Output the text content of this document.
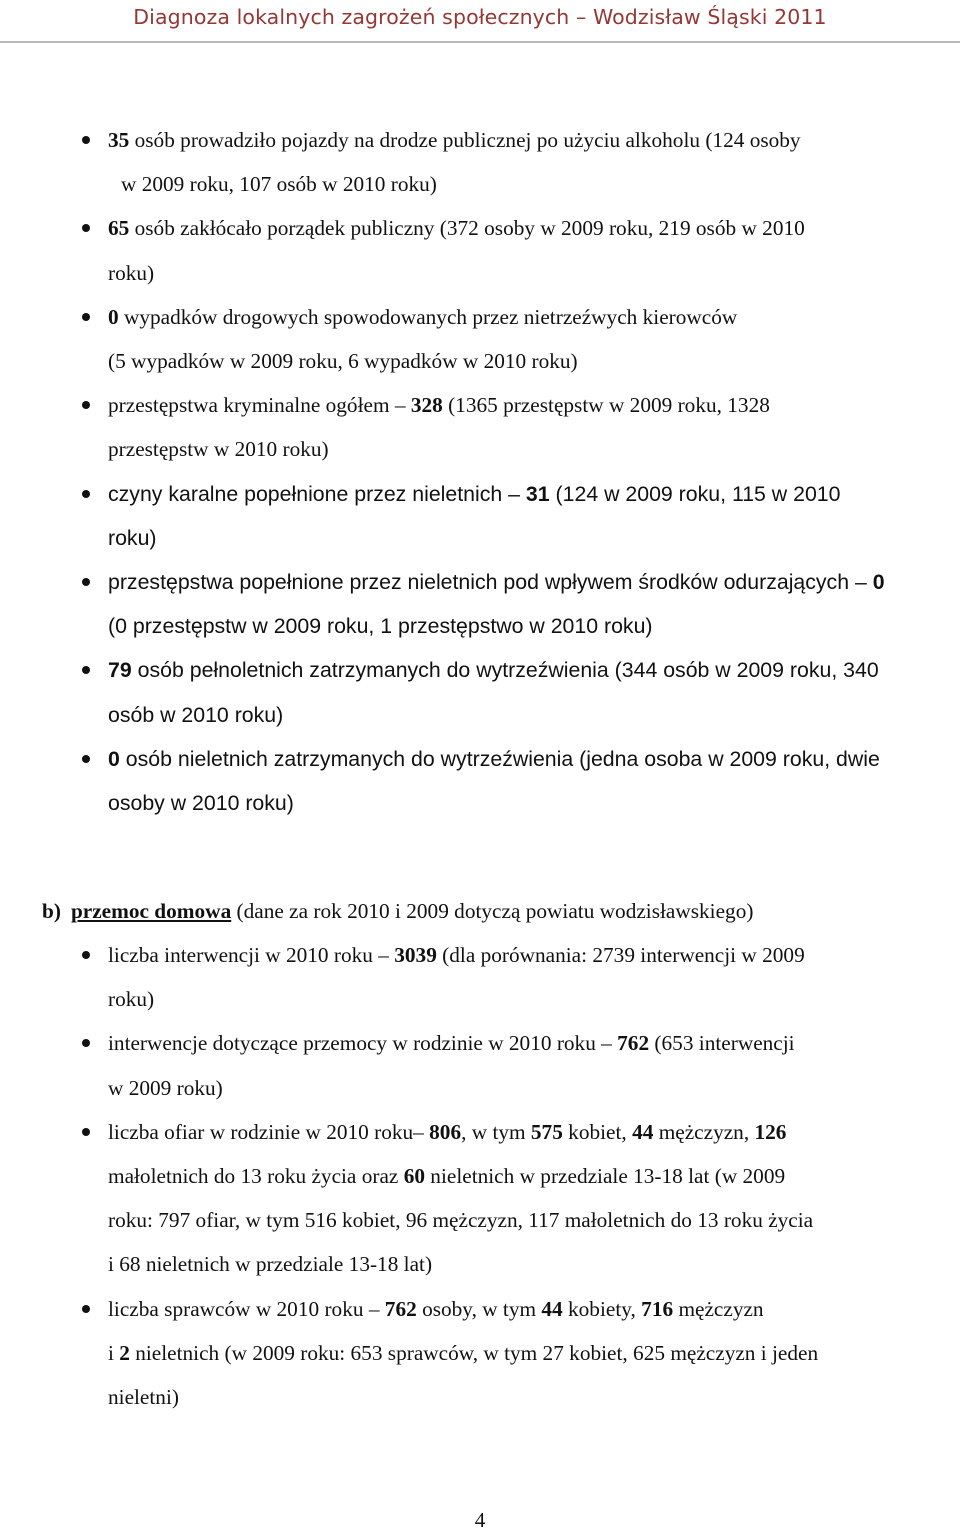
Diagnoza lokalnych zagrożeń społecznych – Wodzisław Śląski 2011
35 osób prowadziło pojazdy na drodze publicznej po użyciu alkoholu (124 osoby
w 2009 roku, 107 osób w 2010 roku)
65 osób zakłócało porządek publiczny (372 osoby w 2009 roku, 219 osób w 2010
roku)
0 wypadków drogowych spowodowanych przez nietrzeźwych kierowców
(5 wypadków w 2009 roku, 6 wypadków w 2010 roku)
przestępstwa kryminalne ogółem – 328 (1365 przestępstw w 2009 roku, 1328
przestępstw w 2010 roku)
czyny karalne popełnione przez nieletnich – 31 (124 w 2009 roku, 115 w 2010
roku)
przestępstwa popełnione przez nieletnich pod wpływem środków odurzających – 0
(0 przestępstw w 2009 roku, 1 przestępstwo w 2010 roku)
79 osób pełnoletnich zatrzymanych do wytrzeźwienia (344 osób w 2009 roku, 340
osób w 2010 roku)
0 osób nieletnich zatrzymanych do wytrzeźwienia (jedna osoba w 2009 roku, dwie
osoby w 2010 roku)
b) przemoc domowa (dane za rok 2010 i 2009 dotyczą powiatu wodzisławskiego)
liczba interwencji w 2010 roku – 3039 (dla porównania: 2739 interwencji w 2009
roku)
interwencje dotyczące przemocy w rodzinie w 2010 roku – 762 (653 interwencji
w 2009 roku)
liczba ofiar w rodzinie w 2010 roku– 806, w tym 575 kobiet, 44 mężczyzn, 126
małoletnich do 13 roku życia oraz 60 nieletnich w przedziale 13-18 lat (w 2009
roku: 797 ofiar, w tym 516 kobiet, 96 mężczyzn, 117 małoletnich do 13 roku życia
i 68 nieletnich w przedziale 13-18 lat)
liczba sprawców w 2010 roku – 762 osoby, w tym 44 kobiety, 716 mężczyzn
i 2 nieletnich (w 2009 roku: 653 sprawców, w tym 27 kobiet, 625 mężczyzn i jeden
nieletni)
4
